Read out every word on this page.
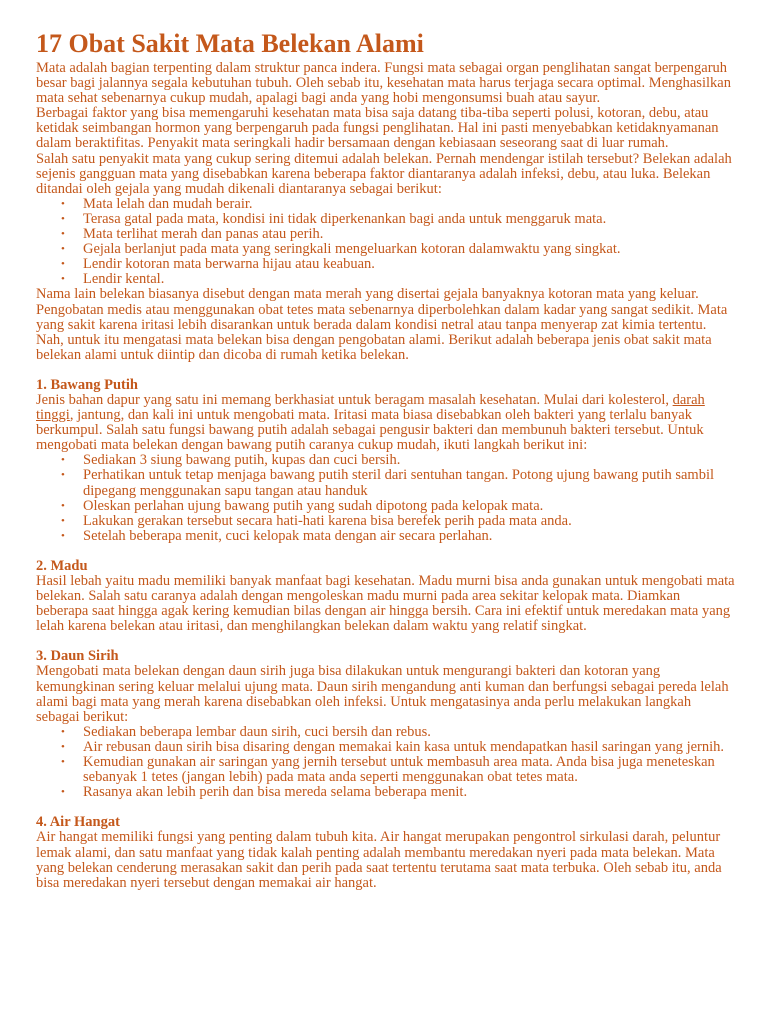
17 Obat Sakit Mata Belekan Alami

Mata adalah bagian terpenting dalam struktur panca indera. Fungsi mata sebagai organ penglihatan sangat berpengaruh besar bagi jalannya segala kebutuhan tubuh. Oleh sebab itu, kesehatan mata harus terjaga secara optimal. Menghasilkan mata sehat sebenarnya cukup mudah, apalagi bagi anda yang hobi mengonsumsi buah atau sayur.

Berbagai faktor yang bisa memengaruhi kesehatan mata bisa saja datang tiba-tiba seperti polusi, kotoran, debu, atau ketidak seimbangan hormon yang berpengaruh pada fungsi penglihatan. Hal ini pasti menyebabkan ketidaknyamanan dalam beraktifitas. Penyakit mata seringkali hadir bersamaan dengan kebiasaan seseorang saat di luar rumah.

Salah satu penyakit mata yang cukup sering ditemui adalah belekan. Pernah mendengar istilah tersebut? Belekan adalah sejenis gangguan mata yang disebabkan karena beberapa faktor diantaranya adalah infeksi, debu, atau luka. Belekan ditandai oleh gejala yang mudah dikenali diantaranya sebagai berikut:

• Mata lelah dan mudah berair.
• Terasa gatal pada mata, kondisi ini tidak diperkenankan bagi anda untuk menggaruk mata.
• Mata terlihat merah dan panas atau perih.
• Gejala berlanjut pada mata yang seringkali mengeluarkan kotoran dalamwaktu yang singkat.
• Lendir kotoran mata berwarna hijau atau keabuan.
• Lendir kental.

Nama lain belekan biasanya disebut dengan mata merah yang disertai gejala banyaknya kotoran mata yang keluar. Pengobatan medis atau menggunakan obat tetes mata sebenarnya diperbolehkan dalam kadar yang sangat sedikit. Mata yang sakit karena iritasi lebih disarankan untuk berada dalam kondisi netral atau tanpa menyerap zat kimia tertentu. Nah, untuk itu mengatasi mata belekan bisa dengan pengobatan alami. Berikut adalah beberapa jenis obat sakit mata belekan alami untuk diintip dan dicoba di rumah ketika belekan.

1. Bawang Putih

Jenis bahan dapur yang satu ini memang berkhasiat untuk beragam masalah kesehatan. Mulai dari kolesterol, darah tinggi, jantung, dan kali ini untuk mengobati mata. Iritasi mata biasa disebabkan oleh bakteri yang terlalu banyak berkumpul. Salah satu fungsi bawang putih adalah sebagai pengusir bakteri dan membunuh bakteri tersebut. Untuk mengobati mata belekan dengan bawang putih caranya cukup mudah, ikuti langkah berikut ini:

• Sediakan 3 siung bawang putih, kupas dan cuci bersih.
• Perhatikan untuk tetap menjaga bawang putih steril dari sentuhan tangan. Potong ujung bawang putih sambil dipegang menggunakan sapu tangan atau handuk
• Oleskan perlahan ujung bawang putih yang sudah dipotong pada kelopak mata.
• Lakukan gerakan tersebut secara hati-hati karena bisa berefek perih pada mata anda.
• Setelah beberapa menit, cuci kelopak mata dengan air secara perlahan.
2. Madu

Hasil lebah yaitu madu memiliki banyak manfaat bagi kesehatan. Madu murni bisa anda gunakan untuk mengobati mata belekan. Salah satu caranya adalah dengan mengoleskan madu murni pada area sekitar kelopak mata. Diamkan beberapa saat hingga agak kering kemudian bilas dengan air hingga bersih. Cara ini efektif untuk meredakan mata yang lelah karena belekan atau iritasi, dan menghilangkan belekan dalam waktu yang relatif singkat.

3. Daun Sirih

Mengobati mata belekan dengan daun sirih juga bisa dilakukan untuk mengurangi bakteri dan kotoran yang kemungkinan sering keluar melalui ujung mata. Daun sirih mengandung anti kuman dan berfungsi sebagai pereda lelah alami bagi mata yang merah karena disebabkan oleh infeksi. Untuk mengatasinya anda perlu melakukan langkah sebagai berikut:

• Sediakan beberapa lembar daun sirih, cuci bersih dan rebus.
• Air rebusan daun sirih bisa disaring dengan memakai kain kasa untuk mendapatkan hasil saringan yang jernih.
• Kemudian gunakan air saringan yang jernih tersebut untuk membasuh area mata. Anda bisa juga meneteskan sebanyak 1 tetes (jangan lebih) pada mata anda seperti menggunakan obat tetes mata.
• Rasanya akan lebih perih dan bisa mereda selama beberapa menit.
4. Air Hangat

Air hangat memiliki fungsi yang penting dalam tubuh kita. Air hangat merupakan pengontrol sirkulasi darah, peluntur lemak alami, dan satu manfaat yang tidak kalah penting adalah membantu meredakan nyeri pada mata belekan. Mata yang belekan cenderung merasakan sakit dan perih pada saat tertentu terutama saat mata terbuka. Oleh sebab itu, anda bisa meredakan nyeri tersebut dengan memakai air hangat.
